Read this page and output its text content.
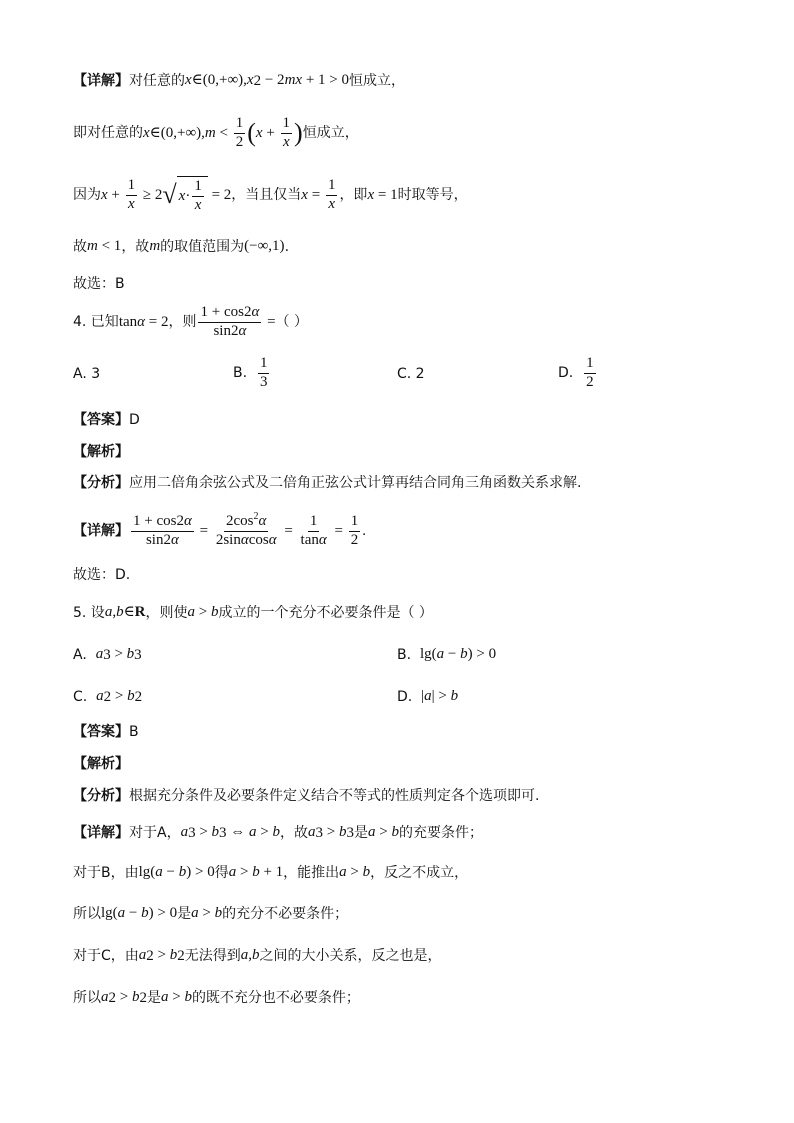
【详解】 对任意的 x ∈(0,+∞), x 2 − 2 mx + 1 > 0 恒成立，
即对任意的 x ∈(0,+∞), $m < \frac{1}{2}$ ( $x + \frac{1}{x}$ ) 恒成立，
因为 $x + \frac{1}{x} \ge 2$ √ $x \cdot \frac{1}{x} = 2$ ，当且仅当 $x = \frac{1}{x}$ ，即 x = 1 时取等号，
故 m < 1 ，故 m 的取值范围为 (−∞,1) .
故选：B
4. 已知 tan α = 2 ，则 $\frac{1 + \cos 2\alpha}{\sin 2\alpha}$ = （ ）
A. 3	B.
$\frac{1}{3}$	C. 2	D.
$\frac{1}{2}$
【答案】 D
【解析】
【分析】 应用二倍角余弦公式及二倍角正弦公式计算再结合同角三角函数关系求解.
【详解】 $\frac{1 + \cos 2\alpha}{\sin 2\alpha} = \frac{2\cos^2\alpha}{2\sin\alpha\cos\alpha} = \frac{1}{\tan\alpha} = \frac{1}{2}$ .
故选：D.
5. 设 a , b ∈ R ，则使 a > b 成立的一个充分不必要条件是（ ）
A.
a 3 > b 3	B.
lg( a − b ) > 0
C.
a 2 > b 2	D.
| a | > b
【答案】 B
【解析】
【分析】 根据充分条件及必要条件定义结合不等式的性质判定各个选项即可.
【详解】 对于A， a 3 > b 3 ⇔ a > b ，故 a 3 > b 3 是 a > b 的充要条件；
对于B，由 lg( a − b ) > 0 得 a > b + 1 ，能推出 a > b ，反之不成立，
所以 lg( a − b ) > 0 是 a > b 的充分不必要条件；
对于C，由 a 2 > b 2 无法得到 a , b 之间的大小关系，反之也是，
所以 a 2 > b 2 是 a > b 的既不充分也不必要条件；
